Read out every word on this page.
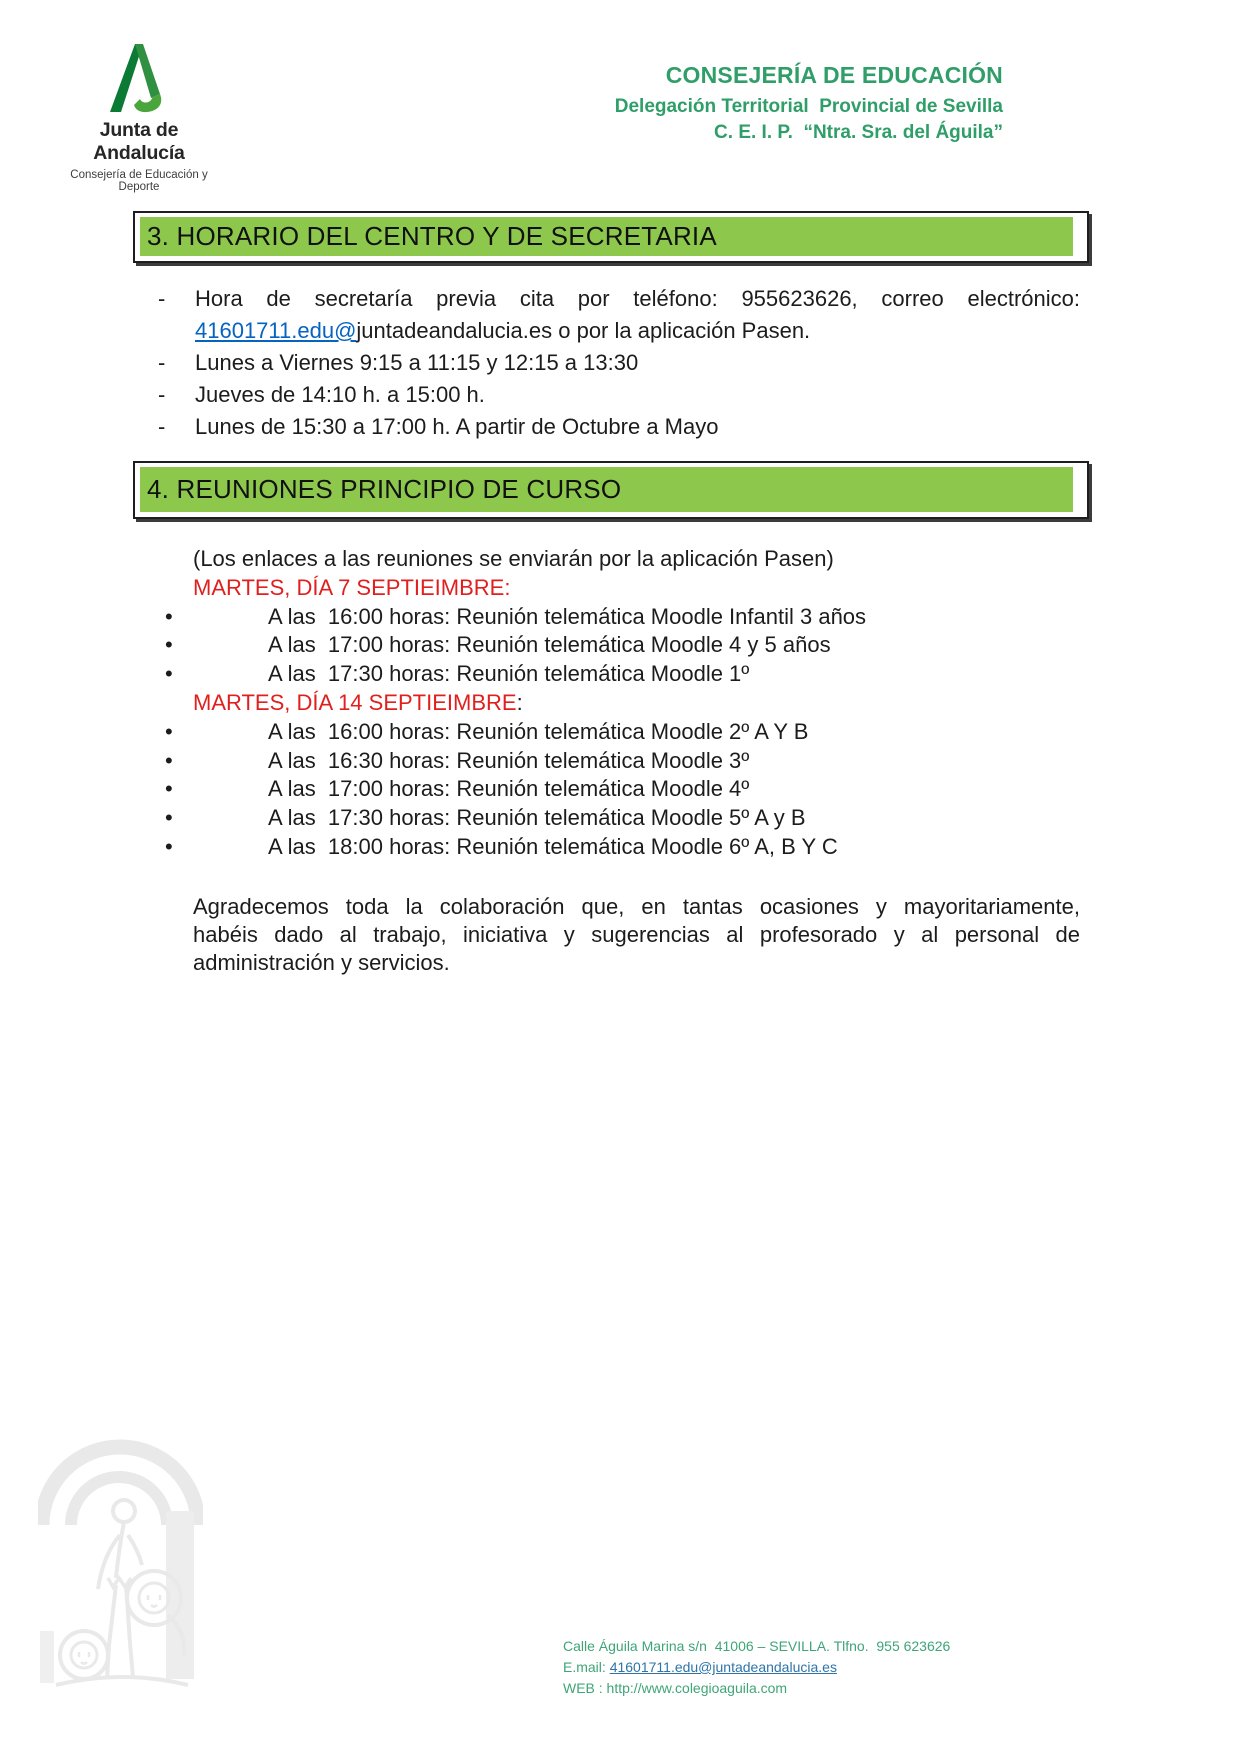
Junta de Andalucía
Consejería de Educación y Deporte
CONSEJERÍA DE EDUCACIÓN
Delegación Territorial  Provincial de Sevilla
C. E. I. P.  “Ntra. Sra. del Águila”
3. HORARIO DEL CENTRO Y DE SECRETARIA
-	Hora de secretaría previa cita por teléfono: 955623626, correo electrónico:
41601711.edu@juntadeandalucia.es o por la aplicación Pasen.
-	Lunes a Viernes 9:15 a 11:15 y 12:15 a 13:30
-	Jueves de 14:10 h. a 15:00 h.
-	Lunes de 15:30 a 17:00 h. A partir de Octubre a Mayo
4. REUNIONES PRINCIPIO DE CURSO
(Los enlaces a las reuniones se enviarán por la aplicación Pasen)
MARTES, DÍA 7 SEPTIEIMBRE:
•	A las  16:00 horas: Reunión telemática Moodle Infantil 3 años
•	A las  17:00 horas: Reunión telemática Moodle 4 y 5 años
•	A las  17:30 horas: Reunión telemática Moodle 1º
MARTES, DÍA 14 SEPTIEIMBRE:
•	A las  16:00 horas: Reunión telemática Moodle 2º A Y B
•	A las  16:30 horas: Reunión telemática Moodle 3º
•	A las  17:00 horas: Reunión telemática Moodle 4º
•	A las  17:30 horas: Reunión telemática Moodle 5º A y B
•	A las  18:00 horas: Reunión telemática Moodle 6º A, B Y C
Agradecemos toda la colaboración que, en tantas ocasiones y mayoritariamente,
habéis dado al trabajo, iniciativa y sugerencias al profesorado y al personal de
administración y servicios.
Calle Águila Marina s/n  41006 – SEVILLA. Tlfno.  955 623626
E.mail: 41601711.edu@juntadeandalucia.es
WEB : http://www.colegioaguila.com
